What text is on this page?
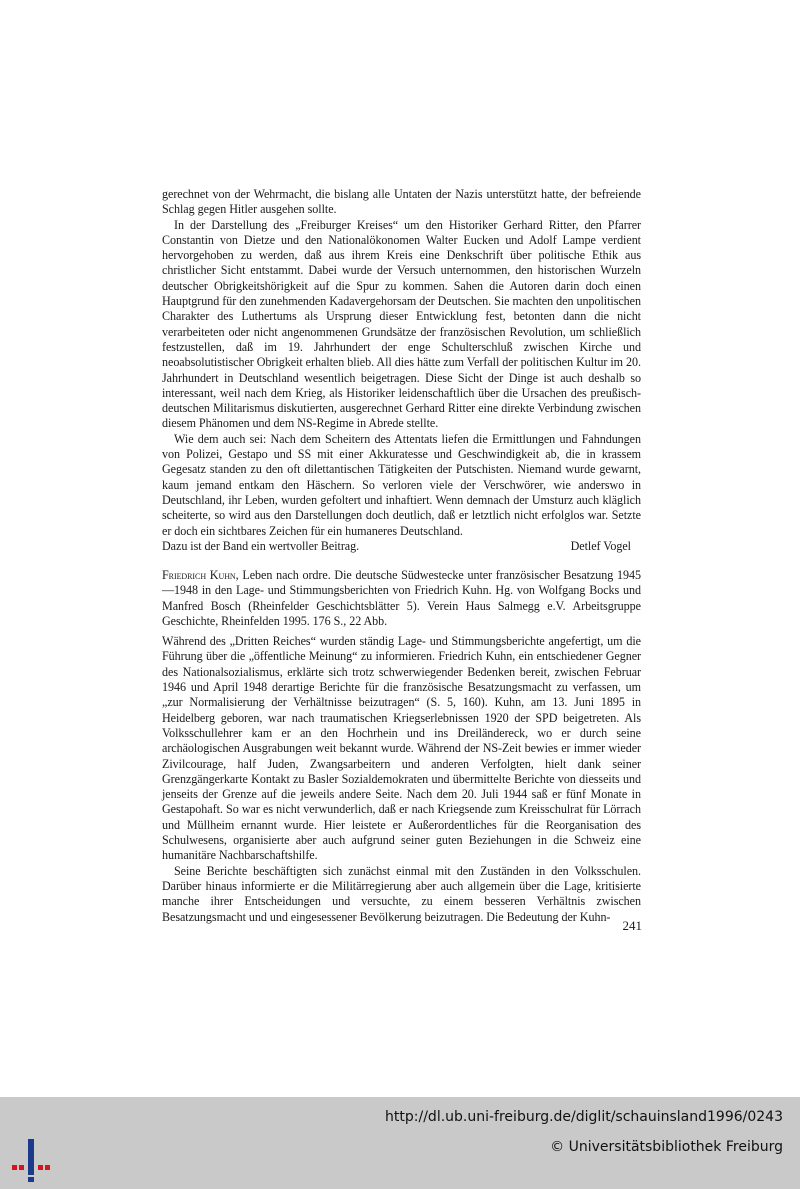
gerechnet von der Wehrmacht, die bislang alle Untaten der Nazis unterstützt hatte, der befreiende Schlag gegen Hitler ausgehen sollte.

In der Darstellung des „Freiburger Kreises“ um den Historiker Gerhard Ritter, den Pfarrer Constantin von Dietze und den Nationalökonomen Walter Eucken und Adolf Lampe verdient hervorgehoben zu werden, daß aus ihrem Kreis eine Denkschrift über politische Ethik aus christlicher Sicht entstammt. Dabei wurde der Versuch unternommen, den historischen Wurzeln deutscher Obrigkeitshörigkeit auf die Spur zu kommen. Sahen die Autoren darin doch einen Hauptgrund für den zunehmenden Kadavergehorsam der Deutschen. Sie machten den unpolitischen Charakter des Luthertums als Ursprung dieser Entwicklung fest, betonten dann die nicht verarbeiteten oder nicht angenommenen Grundsätze der französischen Revolution, um schließlich festzustellen, daß im 19. Jahrhundert der enge Schulterschluß zwischen Kirche und neoabsolutistischer Obrigkeit erhalten blieb. All dies hätte zum Verfall der politischen Kultur im 20. Jahrhundert in Deutschland wesentlich beigetragen. Diese Sicht der Dinge ist auch deshalb so interessant, weil nach dem Krieg, als Historiker leidenschaftlich über die Ursachen des preußisch-deutschen Militarismus diskutierten, ausgerechnet Gerhard Ritter eine direkte Verbindung zwischen diesem Phänomen und dem NS-Regime in Abrede stellte.

Wie dem auch sei: Nach dem Scheitern des Attentats liefen die Ermittlungen und Fahndungen von Polizei, Gestapo und SS mit einer Akkuratesse und Geschwindigkeit ab, die in krassem Gegesatz standen zu den oft dilettantischen Tätigkeiten der Putschisten. Niemand wurde gewarnt, kaum jemand entkam den Häschern. So verloren viele der Verschwörer, wie anderswo in Deutschland, ihr Leben, wurden gefoltert und inhaftiert. Wenn demnach der Umsturz auch kläglich scheiterte, so wird aus den Darstellungen doch deutlich, daß er letztlich nicht erfolglos war. Setzte er doch ein sichtbares Zeichen für ein humaneres Deutschland.

Dazu ist der Band ein wertvoller Beitrag.	Detlef Vogel

Friedrich Kuhn, Leben nach ordre. Die deutsche Südwestecke unter französischer Besatzung 1945—1948 in den Lage- und Stimmungsberichten von Friedrich Kuhn. Hg. von Wolfgang Bocks und Manfred Bosch (Rheinfelder Geschichtsblätter 5). Verein Haus Salmegg e.V. Arbeitsgruppe Geschichte, Rheinfelden 1995. 176 S., 22 Abb.

Während des „Dritten Reiches“ wurden ständig Lage- und Stimmungsberichte angefertigt, um die Führung über die „öffentliche Meinung“ zu informieren. Friedrich Kuhn, ein entschiedener Gegner des Nationalsozialismus, erklärte sich trotz schwerwiegender Bedenken bereit, zwischen Februar 1946 und April 1948 derartige Berichte für die französische Besatzungsmacht zu verfassen, um „zur Normalisierung der Verhältnisse beizutragen“ (S. 5, 160). Kuhn, am 13. Juni 1895 in Heidelberg geboren, war nach traumatischen Kriegserlebnissen 1920 der SPD beigetreten. Als Volksschullehrer kam er an den Hochrhein und ins Dreiländereck, wo er durch seine archäologischen Ausgrabungen weit bekannt wurde. Während der NS-Zeit bewies er immer wieder Zivilcourage, half Juden, Zwangsarbeitern und anderen Verfolgten, hielt dank seiner Grenzgängerkarte Kontakt zu Basler Sozialdemokraten und übermittelte Berichte von diesseits und jenseits der Grenze auf die jeweils andere Seite. Nach dem 20. Juli 1944 saß er fünf Monate in Gestapohaft. So war es nicht verwunderlich, daß er nach Kriegsende zum Kreisschulrat für Lörrach und Müllheim ernannt wurde. Hier leistete er Außerordentliches für die Reorganisation des Schulwesens, organisierte aber auch aufgrund seiner guten Beziehungen in die Schweiz eine humanitäre Nachbarschaftshilfe.

Seine Berichte beschäftigten sich zunächst einmal mit den Zuständen in den Volksschulen. Darüber hinaus informierte er die Militärregierung aber auch allgemein über die Lage, kritisierte manche ihrer Entscheidungen und versuchte, zu einem besseren Verhältnis zwischen Besatzungsmacht und und eingesessener Bevölkerung beizutragen. Die Bedeutung der Kuhn-

241
http://dl.ub.uni-freiburg.de/diglit/schauinsland1996/0243
© Universitätsbibliothek Freiburg
